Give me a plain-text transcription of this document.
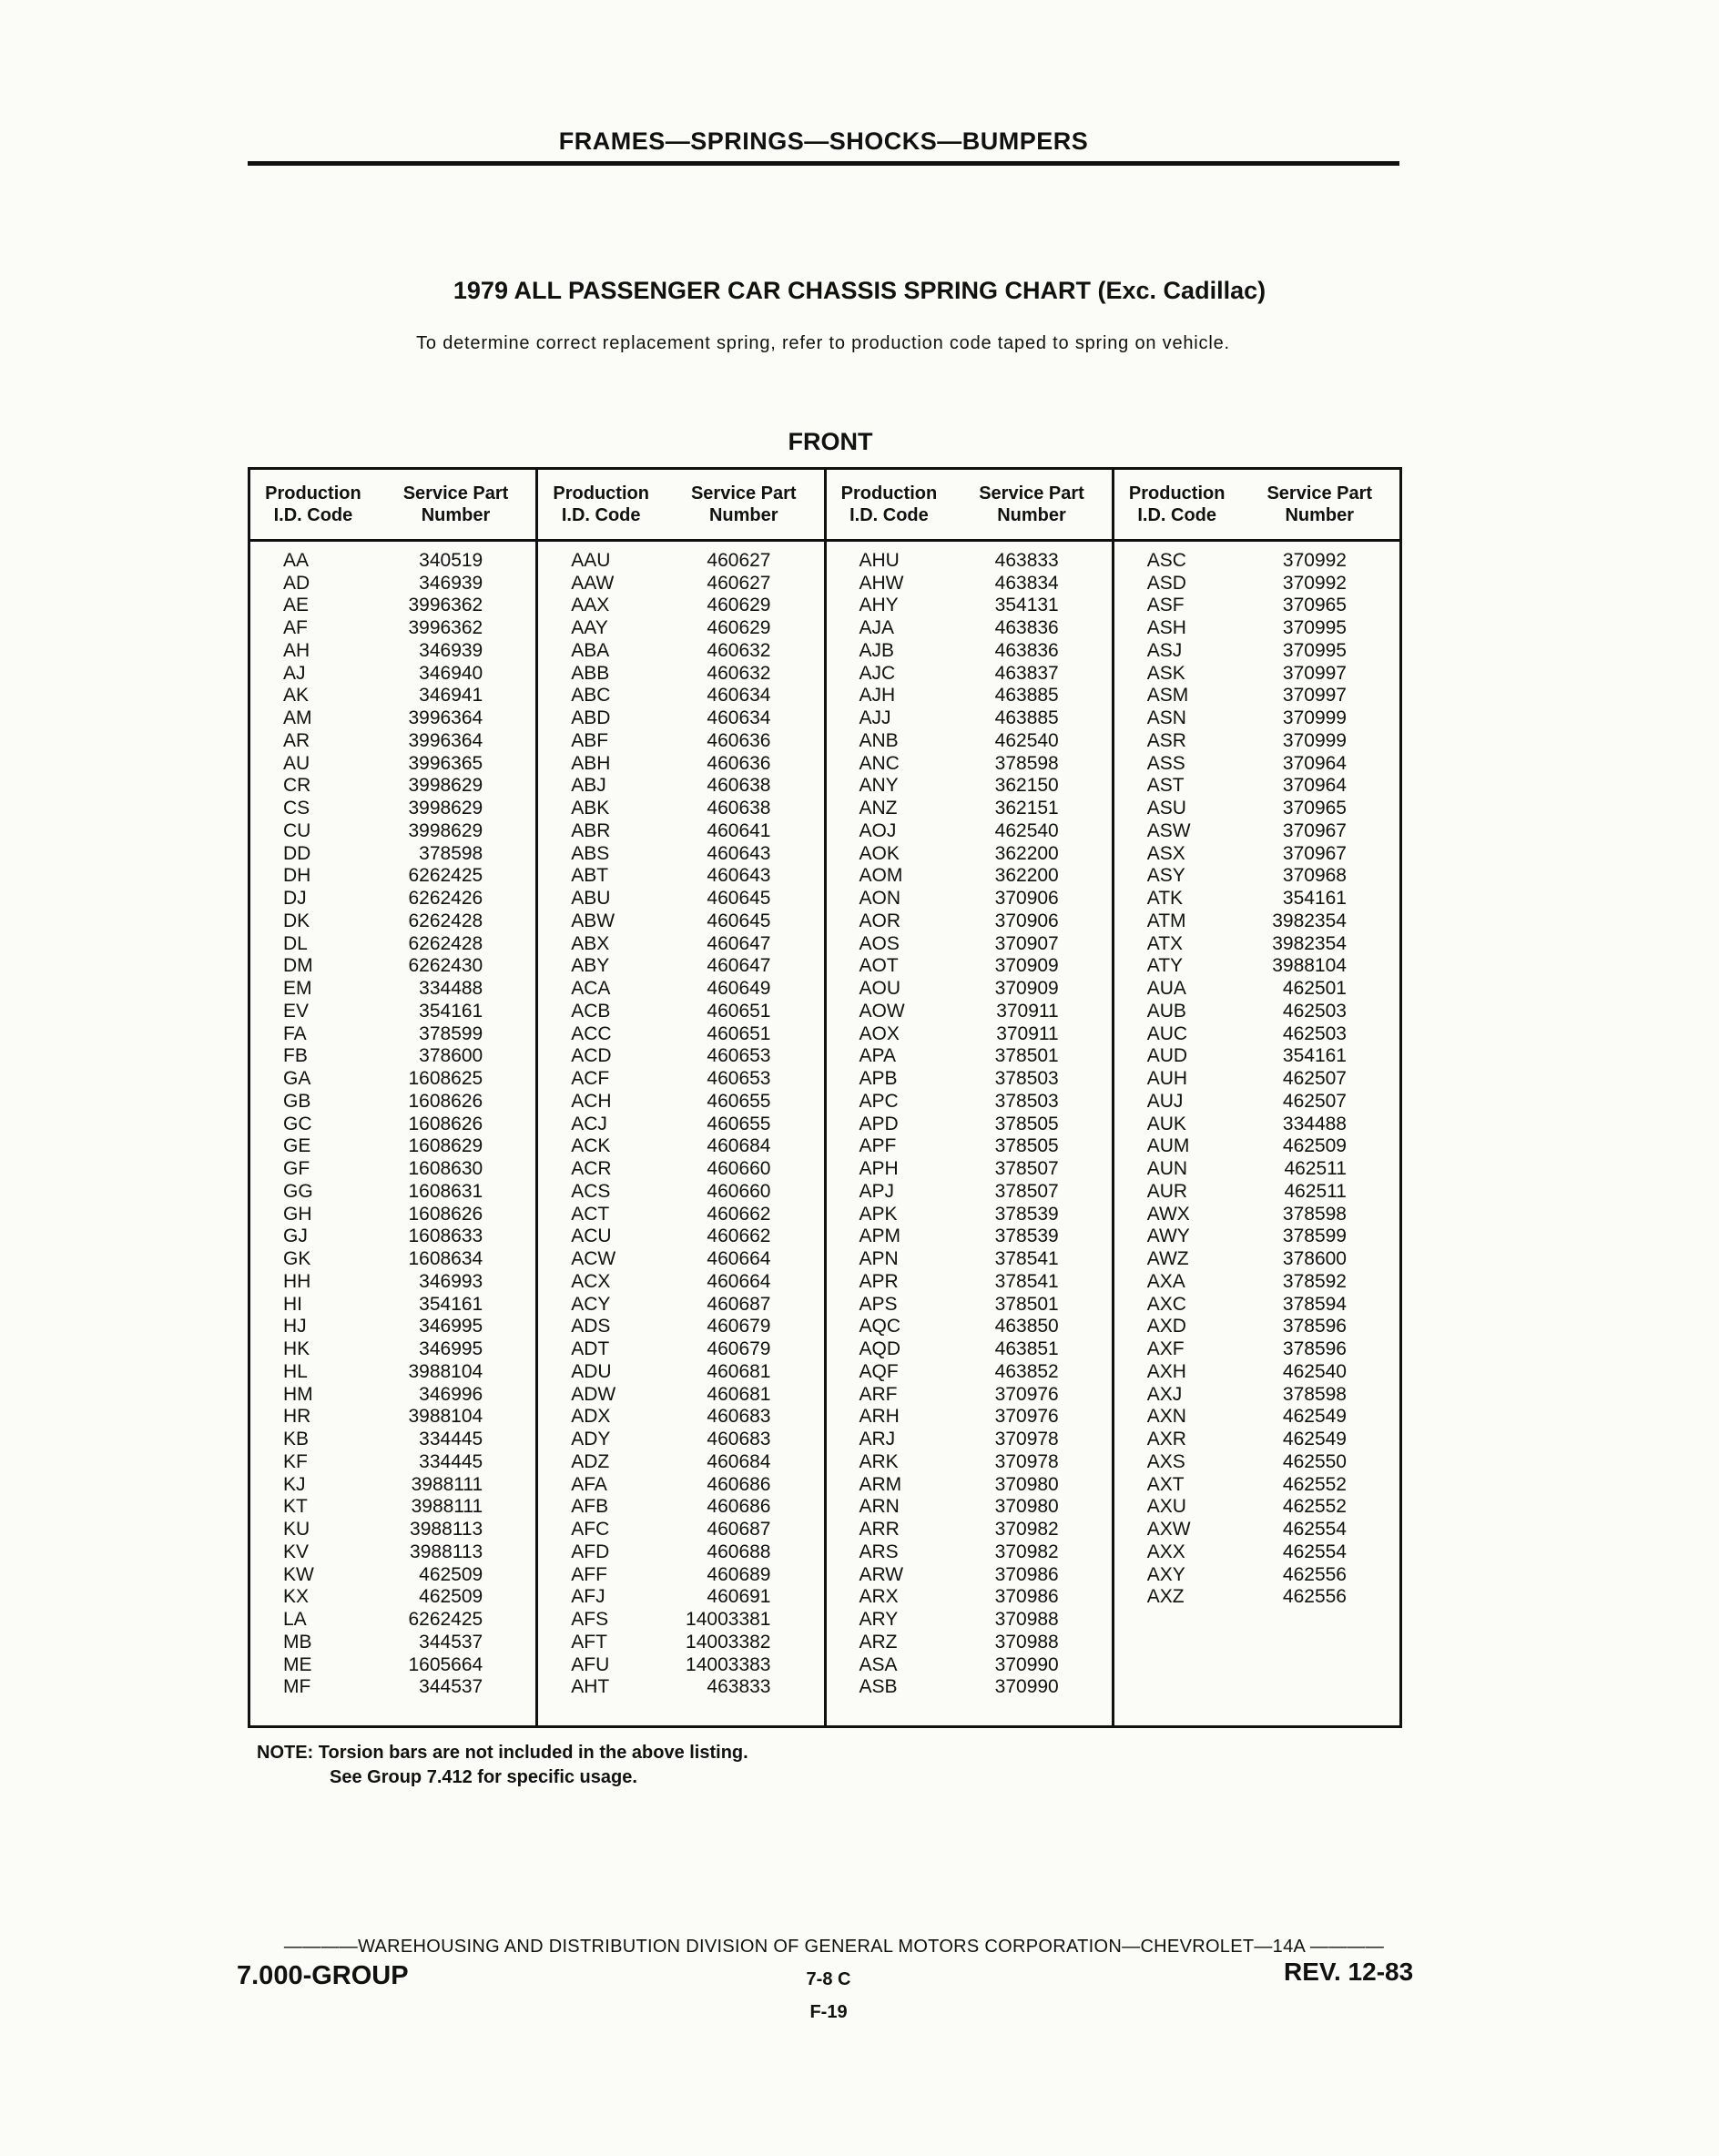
FRAMES—SPRINGS—SHOCKS—BUMPERS
1979 ALL PASSENGER CAR CHASSIS SPRING CHART (Exc. Cadillac)
To determine correct replacement spring, refer to production code taped to spring on vehicle.
FRONT
Production I.D. Code
Service Part Number
AA	340519
AD	346939
AE	3996362
AF	3996362
AH	346939
AJ	346940
AK	346941
AM	3996364
AR	3996364
AU	3996365
CR	3998629
CS	3998629
CU	3998629
DD	378598
DH	6262425
DJ	6262426
DK	6262428
DL	6262428
DM	6262430
EM	334488
EV	354161
FA	378599
FB	378600
GA	1608625
GB	1608626
GC	1608626
GE	1608629
GF	1608630
GG	1608631
GH	1608626
GJ	1608633
GK	1608634
HH	346993
HI	354161
HJ	346995
HK	346995
HL	3988104
HM	346996
HR	3988104
KB	334445
KF	334445
KJ	3988111
KT	3988111
KU	3988113
KV	3988113
KW	462509
KX	462509
LA	6262425
MB	344537
ME	1605664
MF	344537
Production I.D. Code
Service Part Number
AAU	460627
AAW	460627
AAX	460629
AAY	460629
ABA	460632
ABB	460632
ABC	460634
ABD	460634
ABF	460636
ABH	460636
ABJ	460638
ABK	460638
ABR	460641
ABS	460643
ABT	460643
ABU	460645
ABW	460645
ABX	460647
ABY	460647
ACA	460649
ACB	460651
ACC	460651
ACD	460653
ACF	460653
ACH	460655
ACJ	460655
ACK	460684
ACR	460660
ACS	460660
ACT	460662
ACU	460662
ACW	460664
ACX	460664
ACY	460687
ADS	460679
ADT	460679
ADU	460681
ADW	460681
ADX	460683
ADY	460683
ADZ	460684
AFA	460686
AFB	460686
AFC	460687
AFD	460688
AFF	460689
AFJ	460691
AFS	14003381
AFT	14003382
AFU	14003383
AHT	463833
Production I.D. Code
Service Part Number
AHU	463833
AHW	463834
AHY	354131
AJA	463836
AJB	463836
AJC	463837
AJH	463885
AJJ	463885
ANB	462540
ANC	378598
ANY	362150
ANZ	362151
AOJ	462540
AOK	362200
AOM	362200
AON	370906
AOR	370906
AOS	370907
AOT	370909
AOU	370909
AOW	370911
AOX	370911
APA	378501
APB	378503
APC	378503
APD	378505
APF	378505
APH	378507
APJ	378507
APK	378539
APM	378539
APN	378541
APR	378541
APS	378501
AQC	463850
AQD	463851
AQF	463852
ARF	370976
ARH	370976
ARJ	370978
ARK	370978
ARM	370980
ARN	370980
ARR	370982
ARS	370982
ARW	370986
ARX	370986
ARY	370988
ARZ	370988
ASA	370990
ASB	370990
Production I.D. Code
Service Part Number
ASC	370992
ASD	370992
ASF	370965
ASH	370995
ASJ	370995
ASK	370997
ASM	370997
ASN	370999
ASR	370999
ASS	370964
AST	370964
ASU	370965
ASW	370967
ASX	370967
ASY	370968
ATK	354161
ATM	3982354
ATX	3982354
ATY	3988104
AUA	462501
AUB	462503
AUC	462503
AUD	354161
AUH	462507
AUJ	462507
AUK	334488
AUM	462509
AUN	462511
AUR	462511
AWX	378598
AWY	378599
AWZ	378600
AXA	378592
AXC	378594
AXD	378596
AXF	378596
AXH	462540
AXJ	378598
AXN	462549
AXR	462549
AXS	462550
AXT	462552
AXU	462552
AXW	462554
AXX	462554
AXY	462556
AXZ	462556
NOTE: Torsion bars are not included in the above listing.
See Group 7.412 for specific usage.
————WAREHOUSING AND DISTRIBUTION DIVISION OF GENERAL MOTORS CORPORATION—CHEVROLET—14A ————
7.000-GROUP	7-8 C
F-19
REV. 12-83
